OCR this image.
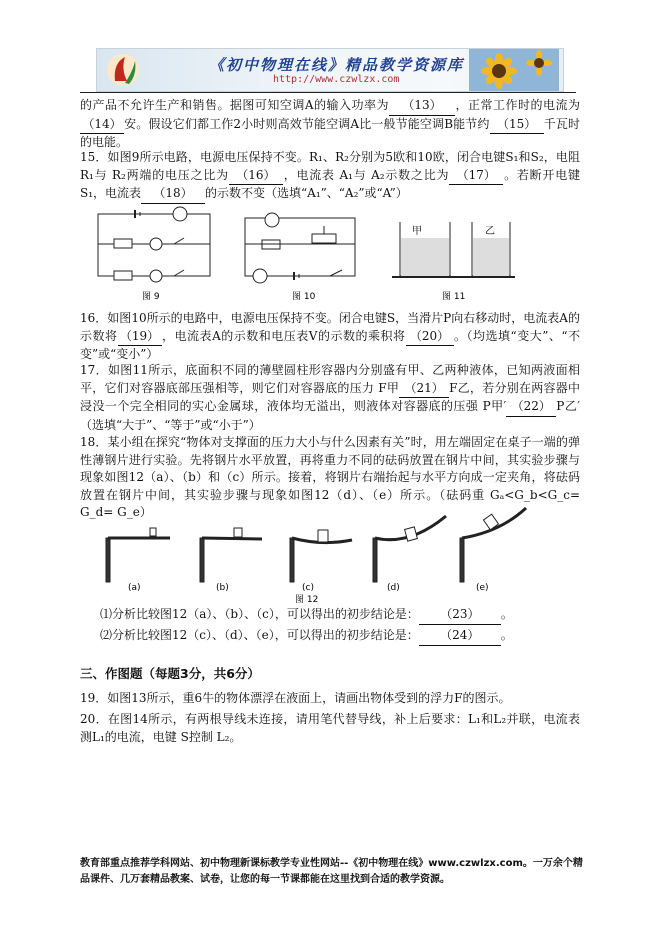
《初中物理在线》精品教学资源库
http://www.czwlzx.com
的产品不允许生产和销售。据图可知空调A的输入功率为 （13） ，正常工作时的电流为（14） 安。假设它们都工作2小时则高效节能空调A比一般节能空调B能节约 （15） 千瓦时的电能。
15．如图9所示电路，电源电压保持不变。R₁、R₂分别为5欧和10欧，闭合电键S₁和S₂，电阻 R₁与 R₂两端的电压之比为 （16） ，电流表 A₁与 A₂示数之比为 （17） 。若断开电键 S₁，电流表 （18） 的示数不变（选填“A₁”、“A₂”或“A”）
甲	乙
图 9	图 10	图 11
16．如图10所示的电路中，电源电压保持不变。闭合电键S，当滑片P向右移动时，电流表A的示数将 （19） ，电流表A的示数和电压表V的示数的乘积将 （20） 。（均选填“变大”、“不变”或“变小”）
17．如图11所示，底面积不同的薄壁圆柱形容器内分别盛有甲、乙两种液体，已知两液面相平，它们对容器底部压强相等，则它们对容器底的压力 F甲 （21） F乙，若分别在两容器中浸没一个完全相同的实心金属球，液体均无溢出，则液体对容器底的压强 P甲′ （22） P乙′（选填“大于”、“等于”或“小于”）
18．某小组在探究“物体对支撑面的压力大小与什么因素有关”时，用左端固定在桌子一端的弹性薄钢片进行实验。先将钢片水平放置，再将重力不同的砝码放置在钢片中间，其实验步骤与现象如图12（a）、（b）和（c）所示。接着，将钢片右端抬起与水平方向成一定夹角，将砝码放置在钢片中间，其实验步骤与现象如图12（d）、（e）所示。（砝码重 Gₐ<G_b<G_c= G_d= G_e）
(a)	(b)	(c)	(d)	(e)
图 12
⑴分析比较图12（a）、（b）、（c），可以得出的初步结论是： （23） 。
⑵分析比较图12（c）、（d）、（e），可以得出的初步结论是： （24） 。
三、作图题（每题3分，共6分）
19．如图13所示，重6牛的物体漂浮在液面上，请画出物体受到的浮力F的图示。
20．在图14所示，有两根导线未连接，请用笔代替导线，补上后要求：L₁和L₂并联，电流表测L₁的电流，电键 S控制 L₂。
教育部重点推荐学科网站、初中物理新课标教学专业性网站--《初中物理在线》www.czwlzx.com。一万余个精品课件、几万套精品教案、试卷，让您的每一节课都能在这里找到合适的教学资源。
